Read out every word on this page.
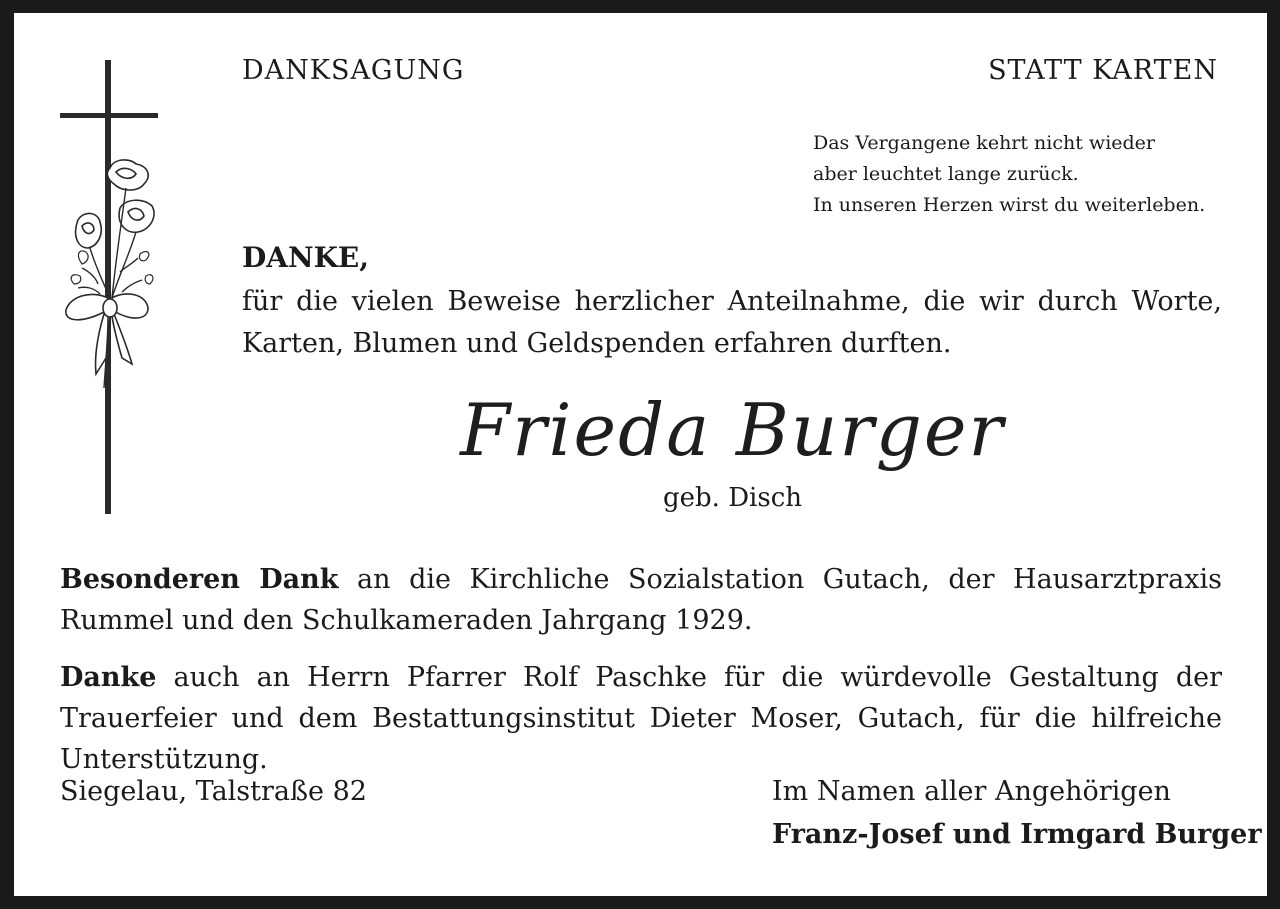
DANKSAGUNG	STATT KARTEN

Das Vergangene kehrt nicht wieder
aber leuchtet lange zurück.
In unseren Herzen wirst du weiterleben.

DANKE,

für die vielen Beweise herzlicher Anteilnahme, die wir durch Worte, Karten, Blumen und Geldspenden erfahren durften.

Frieda Burger

geb. Disch

Besonderen Dank an die Kirchliche Sozialstation Gutach, der Hausarztpraxis Rummel und den Schulkameraden Jahrgang 1929.

Danke auch an Herrn Pfarrer Rolf Paschke für die würdevolle Gestaltung der Trauerfeier und dem Bestattungsinstitut Dieter Moser, Gutach, für die hilfreiche Unterstützung.

Siegelau, Talstraße 82	Im Namen aller Angehörigen

Franz-Josef und Irmgard Burger
